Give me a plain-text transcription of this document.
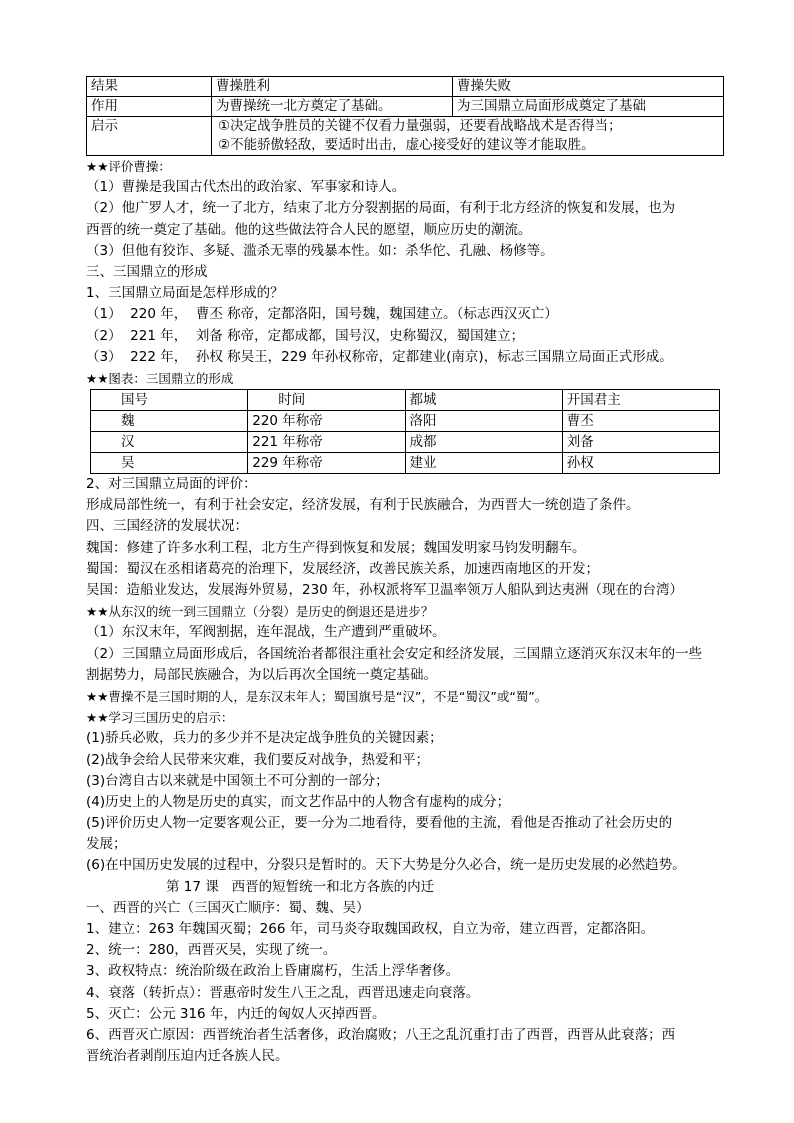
结果	曹操胜利	曹操失败
作用	为曹操统一北方奠定了基础。	为三国鼎立局面形成奠定了基础
启示	①决定战争胜员的关键不仅看力量强弱，还要看战略战术是否得当；
②不能骄傲轻敌，要适时出击，虚心接受好的建议等才能取胜。	
★★评价曹操：
（1）曹操是我国古代杰出的政治家、军事家和诗人。
（2）他广罗人才，统一了北方，结束了北方分裂割据的局面，有利于北方经济的恢复和发展，也为
西晋的统一奠定了基础。他的这些做法符合人民的愿望，顺应历史的潮流。
（3）但他有狡诈、多疑、滥杀无辜的残暴本性。如：杀华佗、孔融、杨修等。
三、三国鼎立的形成
1、三国鼎立局面是怎样形成的？
（1）  220 年，  曹丕 称帝，定都洛阳，国号魏，魏国建立。（标志西汉灭亡）
（2）  221 年，  刘备 称帝，定都成都，国号汉，史称蜀汉，蜀国建立；
（3）  222 年，  孙权 称吴王，229 年孙权称帝，定都建业(南京)，标志三国鼎立局面正式形成。
★★图表：三国鼎立的形成
国号	时间	都城	开国君主
魏	220 年称帝	洛阳	曹丕
汉	221 年称帝	成都	刘备
吴	229 年称帝	建业	孙权
2、对三国鼎立局面的评价：
形成局部性统一，有利于社会安定，经济发展，有利于民族融合，为西晋大一统创造了条件。
四、三国经济的发展状况：
魏国：修建了许多水利工程，北方生产得到恢复和发展；魏国发明家马钧发明翻车。
蜀国：蜀汉在丞相诸葛亮的治理下，发展经济，改善民族关系，加速西南地区的开发；
吴国：造船业发达，发展海外贸易，230 年，孙权派将军卫温率领万人船队到达夷洲（现在的台湾）
★★从东汉的统一到三国鼎立（分裂）是历史的倒退还是进步？
（1）东汉末年，军阀割据，连年混战，生产遭到严重破坏。
（2）三国鼎立局面形成后，各国统治者都很注重社会安定和经济发展，三国鼎立逐消灭东汉末年的一些
割据势力，局部民族融合，为以后再次全国统一奠定基础。
★★曹操不是三国时期的人，是东汉末年人；蜀国旗号是“汉”，不是“蜀汉”或“蜀”。
★★学习三国历史的启示：
(1)骄兵必败，兵力的多少并不是决定战争胜负的关键因素；
(2)战争会给人民带来灾难，我们要反对战争，热爱和平；
(3)台湾自古以来就是中国领土不可分割的一部分；
(4)历史上的人物是历史的真实，而文艺作品中的人物含有虚构的成分；
(5)评价历史人物一定要客观公正，要一分为二地看待，要看他的主流，看他是否推动了社会历史的
发展；
(6)在中国历史发展的过程中，分裂只是暂时的。天下大势是分久必合，统一是历史发展的必然趋势。
第 17 课   西晋的短暂统一和北方各族的内迁
一、西晋的兴亡（三国灭亡顺序：蜀、魏、吴）
1、建立：263 年魏国灭蜀；266 年，司马炎夺取魏国政权，自立为帝，建立西晋，定都洛阳。
2、统一：280，西晋灭吴，实现了统一。
3、政权特点：统治阶级在政治上昏庸腐朽，生活上浮华奢侈。
4、衰落（转折点）：晋惠帝时发生八王之乱，西晋迅速走向衰落。
5、灭亡：公元 316 年，内迁的匈奴人灭掉西晋。
6、西晋灭亡原因：西晋统治者生活奢侈，政治腐败；八王之乱沉重打击了西晋，西晋从此衰落；西
晋统治者剥削压迫内迁各族人民。
